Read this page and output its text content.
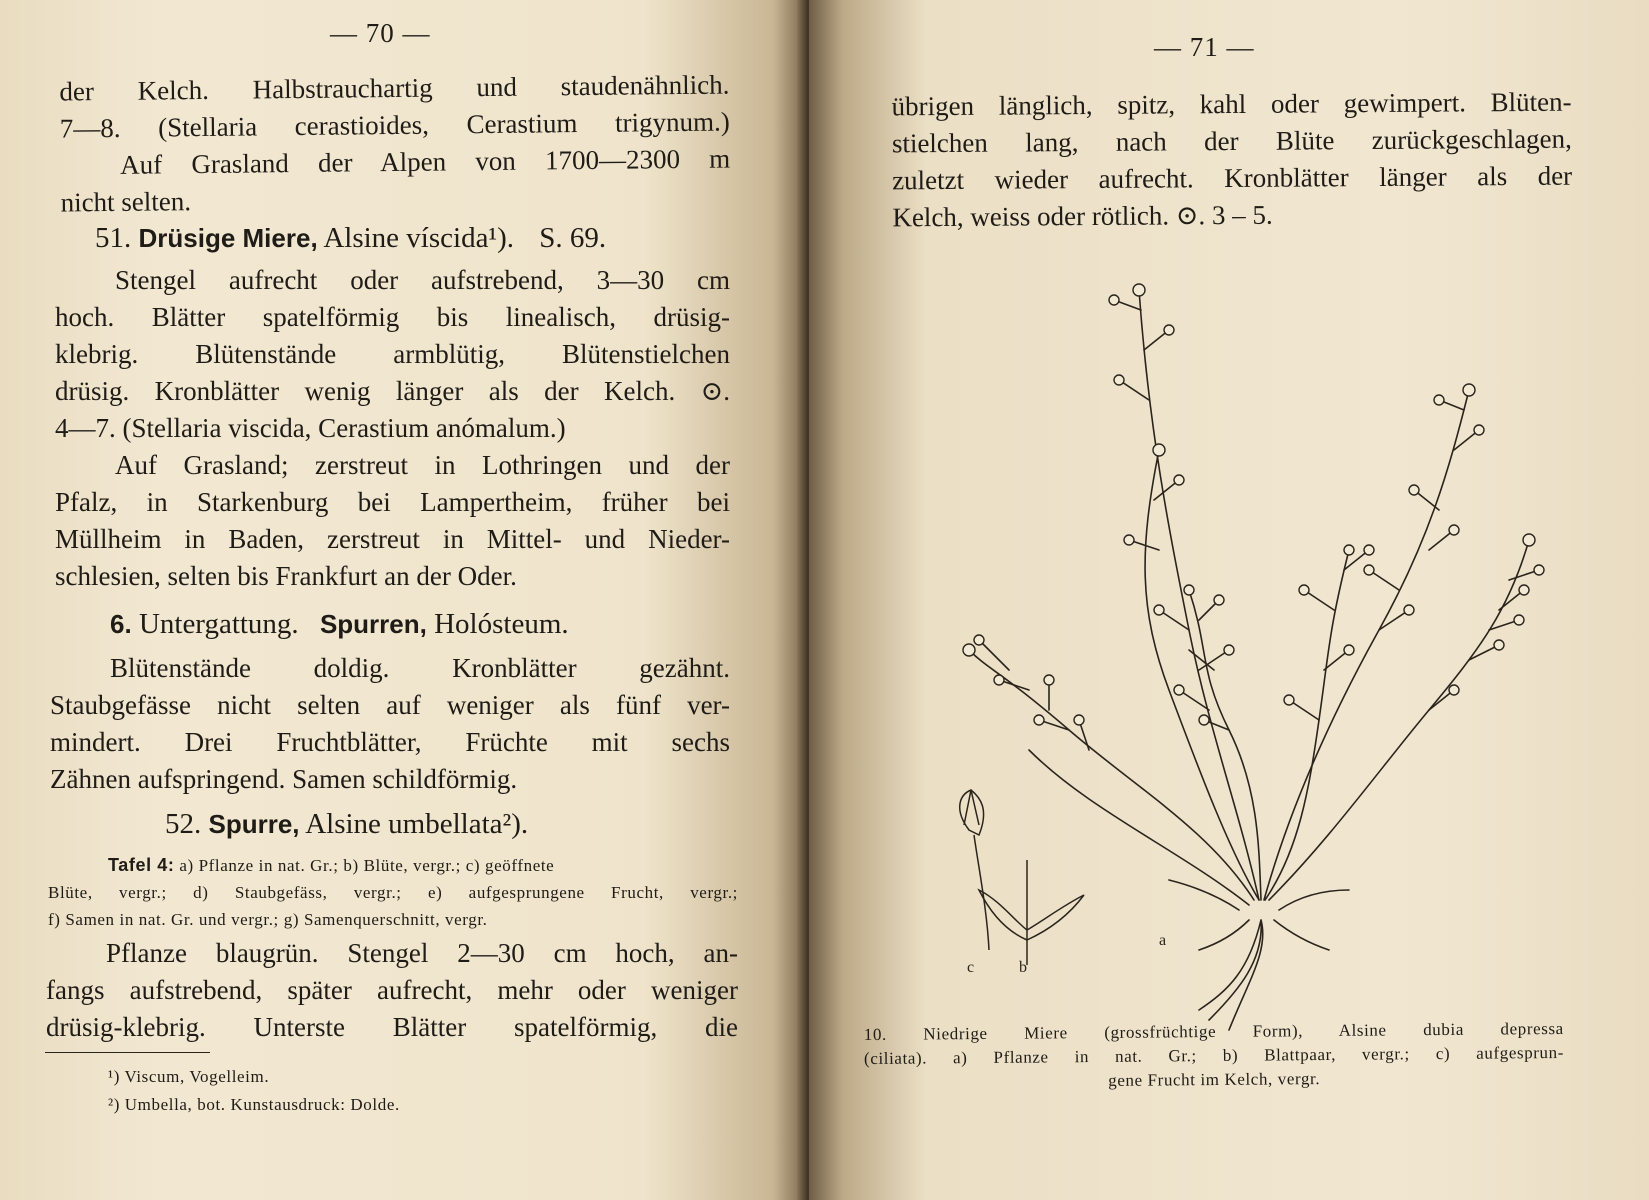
— 70 —
der Kelch. Halbstrauchartig und staudenähnlich.
7—8. (Stellaria cerastioides, Cerastium trigynum.)
Auf Grasland der Alpen von 1700—2300 m
nicht selten.
51. Drüsige Miere, Alsine víscida¹). S. 69.
Stengel aufrecht oder aufstrebend, 3—30 cm
hoch. Blätter spatelförmig bis linealisch, drüsig-
klebrig. Blütenstände armblütig, Blütenstielchen
drüsig. Kronblätter wenig länger als der Kelch. ⊙.
4—7. (Stellaria viscida, Cerastium anómalum.)
Auf Grasland; zerstreut in Lothringen und der
Pfalz, in Starkenburg bei Lampertheim, früher bei
Müllheim in Baden, zerstreut in Mittel- und Nieder-
schlesien, selten bis Frankfurt an der Oder.
6. Untergattung. Spurren, Holósteum.
Blütenstände doldig. Kronblätter gezähnt.
Staubgefässe nicht selten auf weniger als fünf ver-
mindert. Drei Fruchtblätter, Früchte mit sechs
Zähnen aufspringend. Samen schildförmig.
52. Spurre, Alsine umbellata²).
Tafel 4: a) Pflanze in nat. Gr.; b) Blüte, vergr.; c) geöffnete
Blüte, vergr.; d) Staubgefäss, vergr.; e) aufgesprungene Frucht, vergr.;
f) Samen in nat. Gr. und vergr.; g) Samenquerschnitt, vergr.
Pflanze blaugrün. Stengel 2—30 cm hoch, an-
fangs aufstrebend, später aufrecht, mehr oder weniger
drüsig-klebrig. Unterste Blätter spatelförmig, die
¹) Viscum, Vogelleim.
²) Umbella, bot. Kunstausdruck: Dolde.
— 71 —
übrigen länglich, spitz, kahl oder gewimpert. Blüten-
stielchen lang, nach der Blüte zurückgeschlagen,
zuletzt wieder aufrecht. Kronblätter länger als der
Kelch, weiss oder rötlich. ⊙. 3 – 5.
c	b
a
10. Niedrige Miere (grossfrüchtige Form), Alsine dubia depressa
(ciliata). a) Pflanze in nat. Gr.; b) Blattpaar, vergr.; c) aufgesprun-
gene Frucht im Kelch, vergr.
